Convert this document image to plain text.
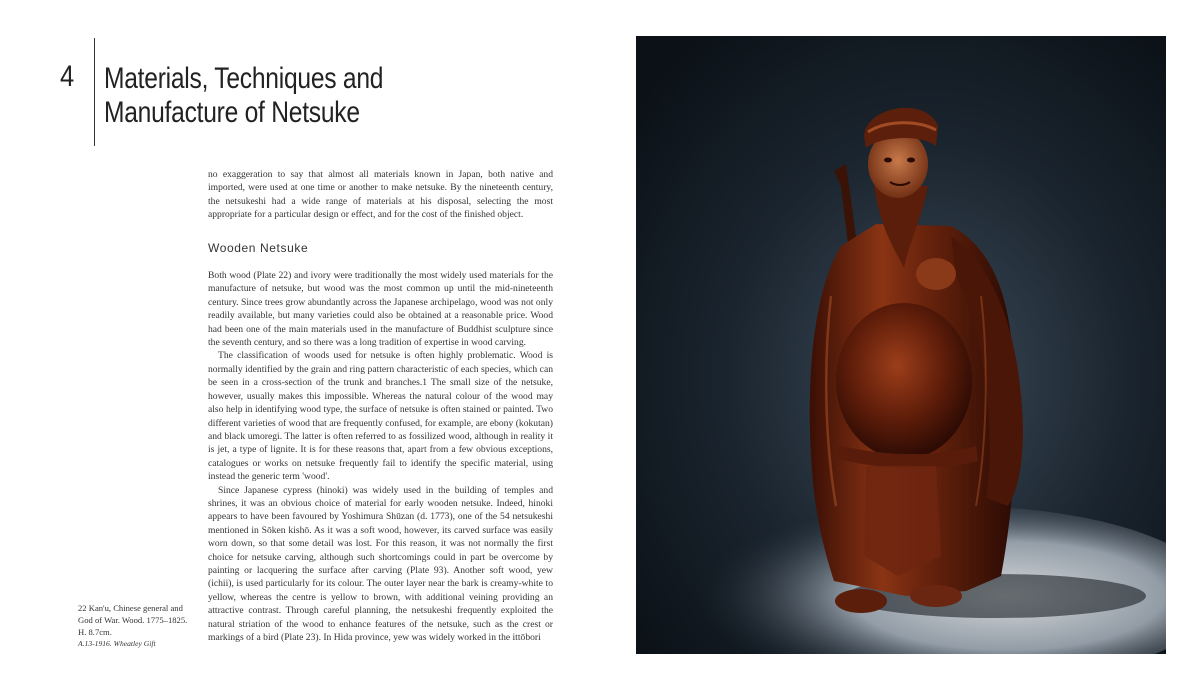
4 Materials, Techniques and
Manufacture of Netsuke

no exaggeration to say that almost all materials known in Japan, both native and imported, were used at one time or another to make netsuke. By the nineteenth century, the netsukeshi had a wide range of materials at his disposal, selecting the most appropriate for a particular design or effect, and for the cost of the finished object.

Wooden Netsuke

Both wood (Plate 22) and ivory were traditionally the most widely used materials for the manufacture of netsuke, but wood was the most common up until the mid-nineteenth century. Since trees grow abundantly across the Japanese archipelago, wood was not only readily available, but many varieties could also be obtained at a reasonable price. Wood had been one of the main materials used in the manufacture of Buddhist sculpture since the seventh century, and so there was a long tradition of expertise in wood carving.

The classification of woods used for netsuke is often highly problematic. Wood is normally identified by the grain and ring pattern characteristic of each species, which can be seen in a cross-section of the trunk and branches.1 The small size of the netsuke, however, usually makes this impossible. Whereas the natural colour of the wood may also help in identifying wood type, the surface of netsuke is often stained or painted. Two different varieties of wood that are frequently confused, for example, are ebony (kokutan) and black umoregi. The latter is often referred to as fossilized wood, although in reality it is jet, a type of lignite. It is for these reasons that, apart from a few obvious exceptions, catalogues or works on netsuke frequently fail to identify the specific material, using instead the generic term 'wood'.

Since Japanese cypress (hinoki) was widely used in the building of temples and shrines, it was an obvious choice of material for early wooden netsuke. Indeed, hinoki appears to have been favoured by Yoshimura Shūzan (d. 1773), one of the 54 netsukeshi mentioned in Sōken kishō. As it was a soft wood, however, its carved surface was easily worn down, so that some detail was lost. For this reason, it was not normally the first choice for netsuke carving, although such shortcomings could in part be overcome by painting or lacquering the surface after carving (Plate 93). Another soft wood, yew (ichii), is used particularly for its colour. The outer layer near the bark is creamy-white to yellow, whereas the centre is yellow to brown, with additional veining providing an attractive contrast. Through careful planning, the netsukeshi frequently exploited the natural striation of the wood to enhance features of the netsuke, such as the crest or markings of a bird (Plate 23). In Hida province, yew was widely worked in the ittōbori

22 Kan'u, Chinese general and God of War. Wood. 1775–1825. H. 8.7cm.
A.13-1916. Wheatley Gift
